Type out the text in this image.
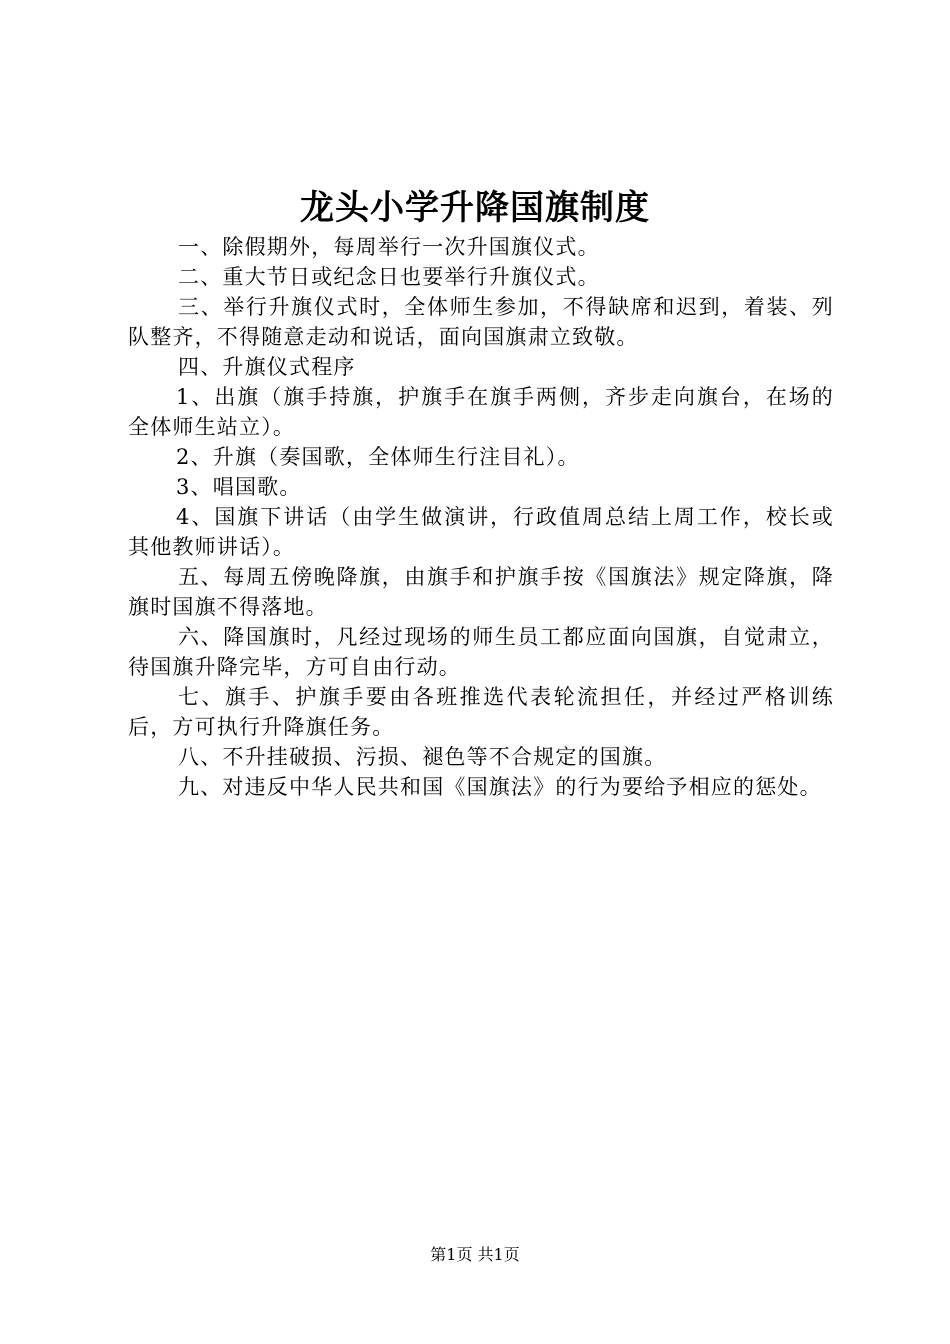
龙头小学升降国旗制度

一、除假期外，每周举行一次升国旗仪式。

二、重大节日或纪念日也要举行升旗仪式。

三、举行升旗仪式时，全体师生参加，不得缺席和迟到，着装、列队整齐，不得随意走动和说话，面向国旗肃立致敬。

四、升旗仪式程序

1、出旗（旗手持旗，护旗手在旗手两侧，齐步走向旗台，在场的全体师生站立）。

2、升旗（奏国歌，全体师生行注目礼）。

3、唱国歌。

4、国旗下讲话（由学生做演讲，行政值周总结上周工作，校长或其他教师讲话）。

五、每周五傍晚降旗，由旗手和护旗手按《国旗法》规定降旗，降旗时国旗不得落地。

六、降国旗时，凡经过现场的师生员工都应面向国旗，自觉肃立，待国旗升降完毕，方可自由行动。

七、旗手、护旗手要由各班推选代表轮流担任，并经过严格训练后，方可执行升降旗任务。

八、不升挂破损、污损、褪色等不合规定的国旗。

九、对违反中华人民共和国《国旗法》的行为要给予相应的惩处。

第1页 共1页
